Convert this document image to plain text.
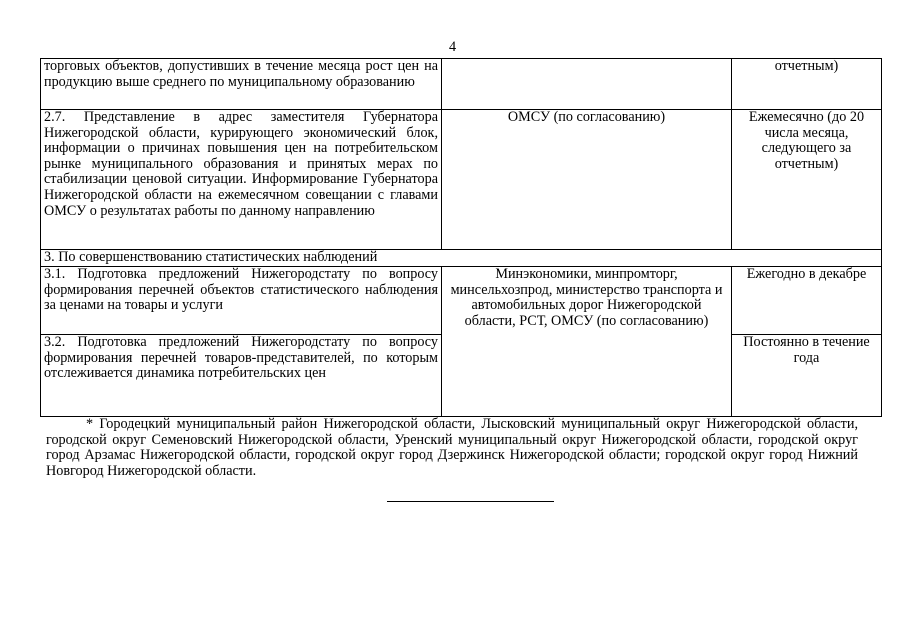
4
торговых объектов, допустивших в течение месяца рост цен на продукцию выше среднего по муниципальному образованию		отчетным)
2.7. Представление в адрес заместителя Губернатора Нижегородской области, курирующего экономический блок, информации о причинах повышения цен на потребительском рынке муниципального образования и принятых мерах по стабилизации ценовой ситуации. Информирование Губернатора Нижегородской области на ежемесячном совещании с главами ОМСУ о результатах работы по данному направлению	ОМСУ (по согласованию)	Ежемесячно (до 20 числа месяца, следующего за отчетным)
3. По совершенствованию статистических наблюдений		
3.1. Подготовка предложений Нижегородстату по вопросу формирования перечней объектов статистического наблюдения за ценами на товары и услуги	Минэкономики, минпромторг, минсельхозпрод, министерство транспорта и автомобильных дорог Нижегородской области, РСТ, ОМСУ (по согласованию)	Ежегодно в декабре
3.2. Подготовка предложений Нижегородстату по вопросу формирования перечней товаров-представителей, по которым отслеживается динамика потребительских цен		Постоянно в течение года
* Городецкий муниципальный район Нижегородской области, Лысковский муниципальный округ Нижегородской области, городской округ Семеновский Нижегородской области, Уренский муниципальный округ Нижегородской области, городской округ город Арзамас Нижегородской области, городской округ город Дзержинск Нижегородской области; городской округ город Нижний Новгород Нижегородской области.
